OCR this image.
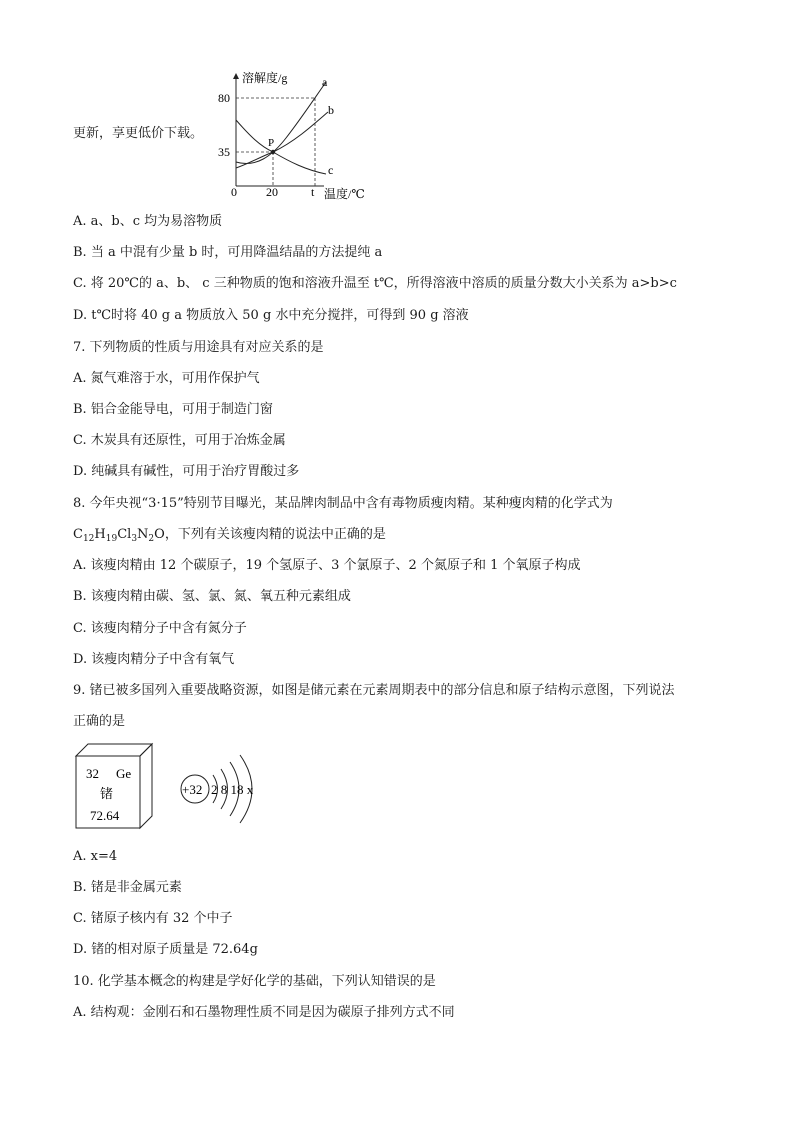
更新，享更低价下载。
溶解度/g
80
35
0 20	t 温度/℃
P
a
b
c
A. a、b、c 均为易溶物质
B. 当 a 中混有少量 b 时，可用降温结晶的方法提纯 a
C. 将 20℃的 a、b、 c 三种物质的饱和溶液升温至 t℃，所得溶液中溶质的质量分数大小关系为 a>b>c
D. t℃时将 40 g a 物质放入 50 g 水中充分搅拌，可得到 90 g 溶液
7. 下列物质的性质与用途具有对应关系的是
A. 氮气难溶于水，可用作保护气
B. 铝合金能导电，可用于制造门窗
C. 木炭具有还原性，可用于冶炼金属
D. 纯碱具有碱性，可用于治疗胃酸过多
8. 今年央视“3·15”特别节目曝光，某品牌肉制品中含有毒物质瘦肉精。某种瘦肉精的化学式为
$C_{12}H_{19}Cl_3N_2O$，下列有关该瘦肉精的说法中正确的是
A. 该瘦肉精由 12 个碳原子，19 个氢原子、3 个氯原子、2 个氮原子和 1 个氧原子构成
B. 该瘦肉精由碳、氢、氯、氮、氧五种元素组成
C. 该瘦肉精分子中含有氮分子
D. 该瘦肉精分子中含有氧气
9. 锗已被多国列入重要战略资源，如图是储元素在元素周期表中的部分信息和原子结构示意图，下列说法
正确的是
32 Ge
锗
72.64
+32 2 8 18 x
A. x=4
B. 锗是非金属元素
C. 锗原子核内有 32 个中子
D. 锗的相对原子质量是 72.64g
10. 化学基本概念的构建是学好化学的基础，下列认知错误的是
A. 结构观：金刚石和石墨物理性质不同是因为碳原子排列方式不同
